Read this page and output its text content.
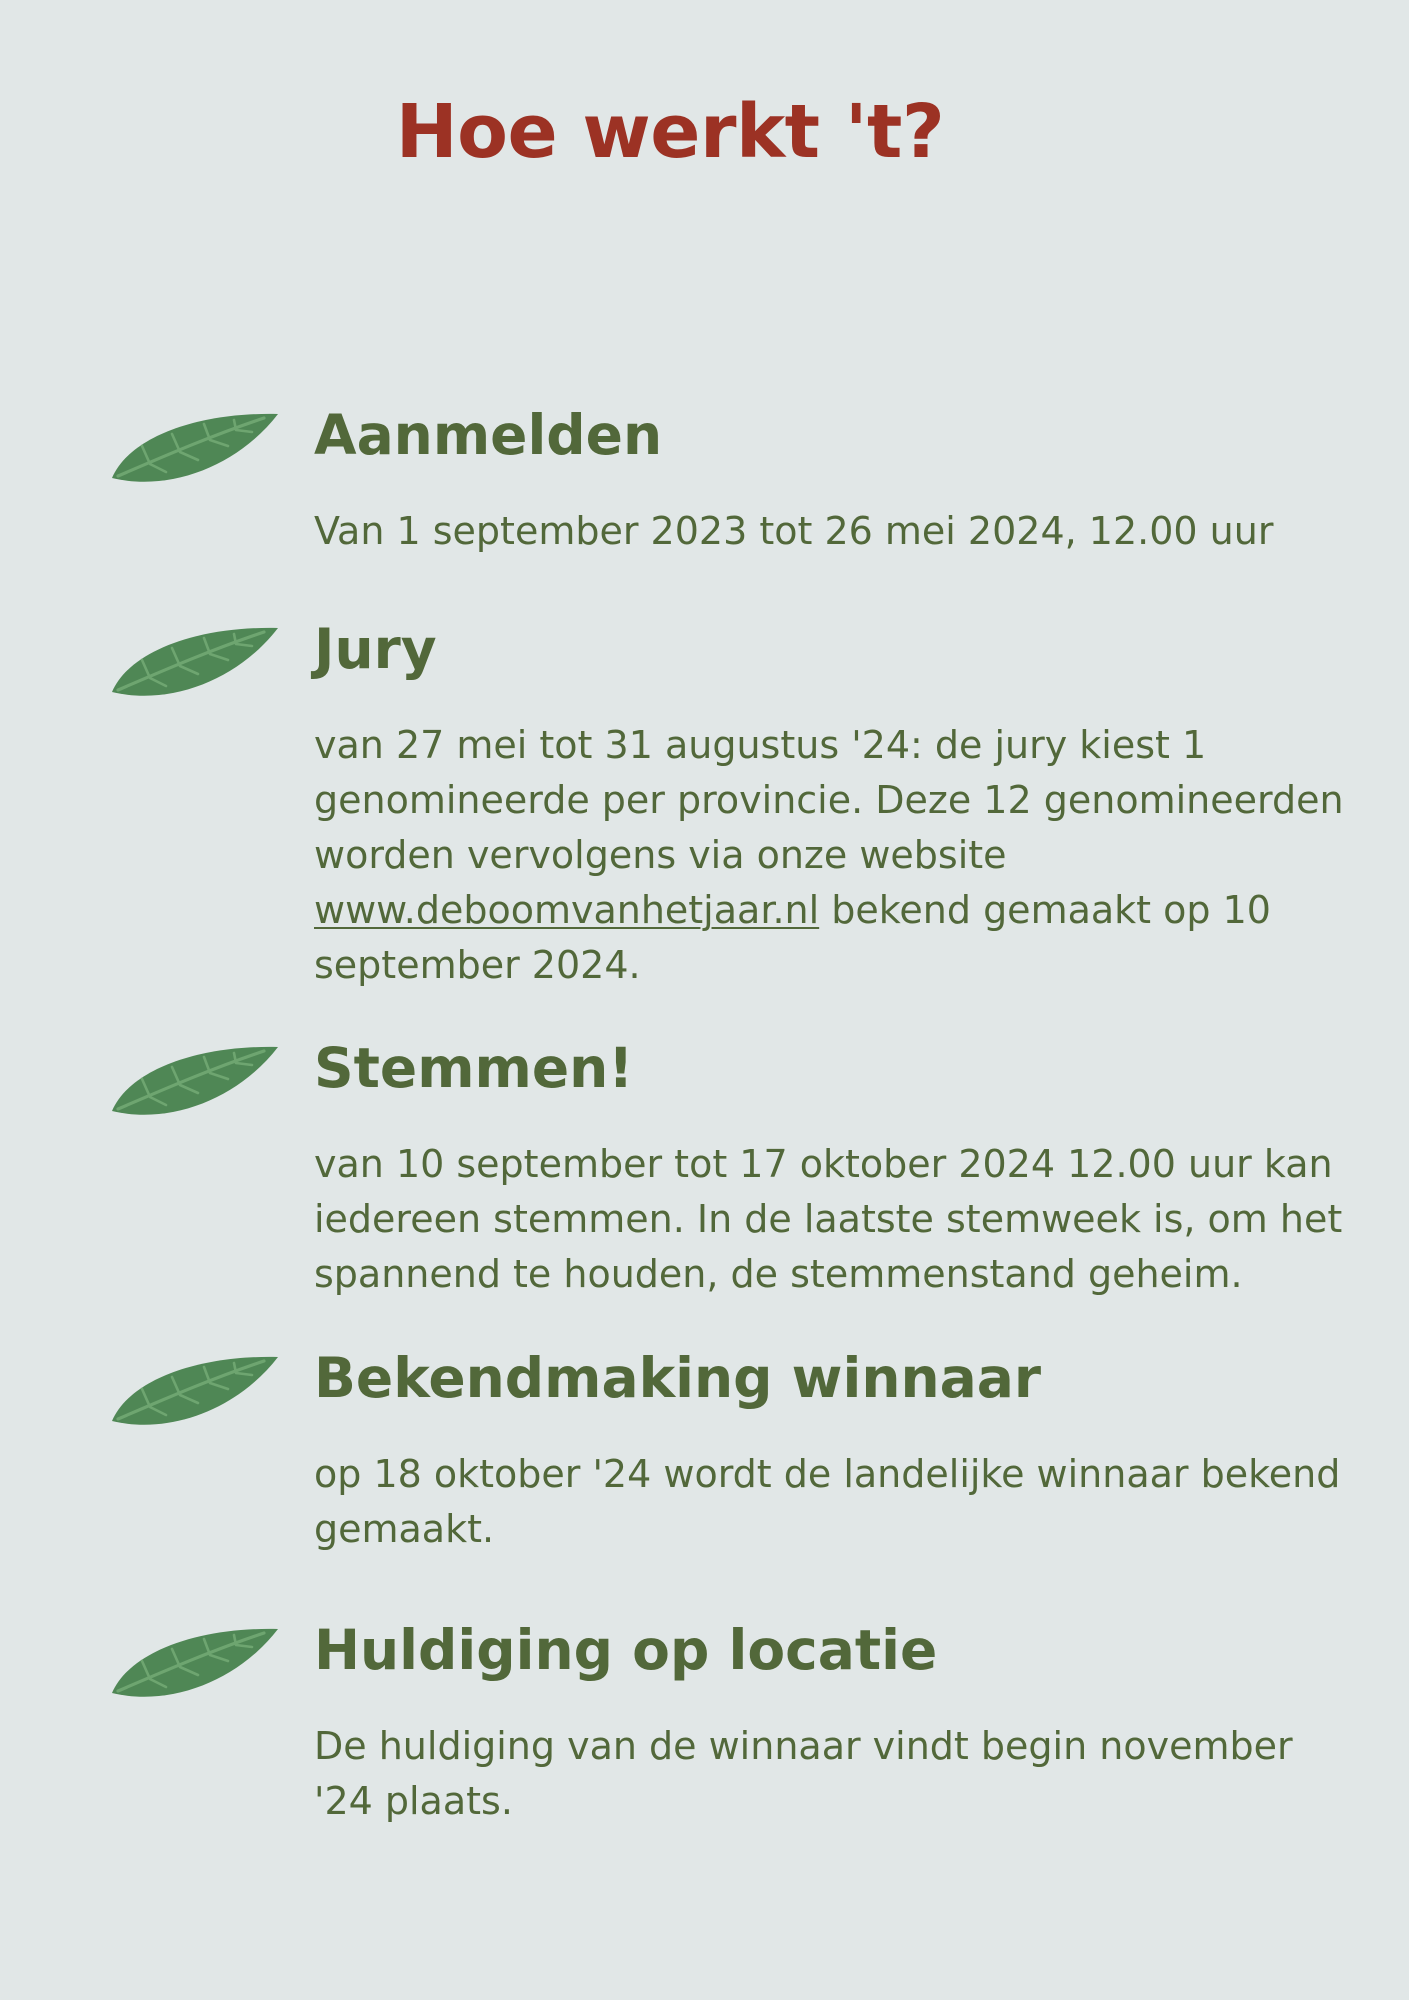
Hoe werkt 't?
Aanmelden

Van 1 september 2023 tot 26 mei 2024, 12.00 uur

Jury

van 27 mei tot 31 augustus '24: de jury kiest 1 genomineerde per provincie. Deze 12 genomineerden worden vervolgens via onze website www.deboomvanhetjaar.nl bekend gemaakt op 10 september 2024.

Stemmen!

van 10 september tot 17 oktober 2024 12.00 uur kan iedereen stemmen. In de laatste stemweek is, om het spannend te houden, de stemmenstand geheim.

Bekendmaking winnaar

op 18 oktober '24 wordt de landelijke winnaar bekend gemaakt.

Huldiging op locatie

De huldiging van de winnaar vindt begin november '24 plaats.
